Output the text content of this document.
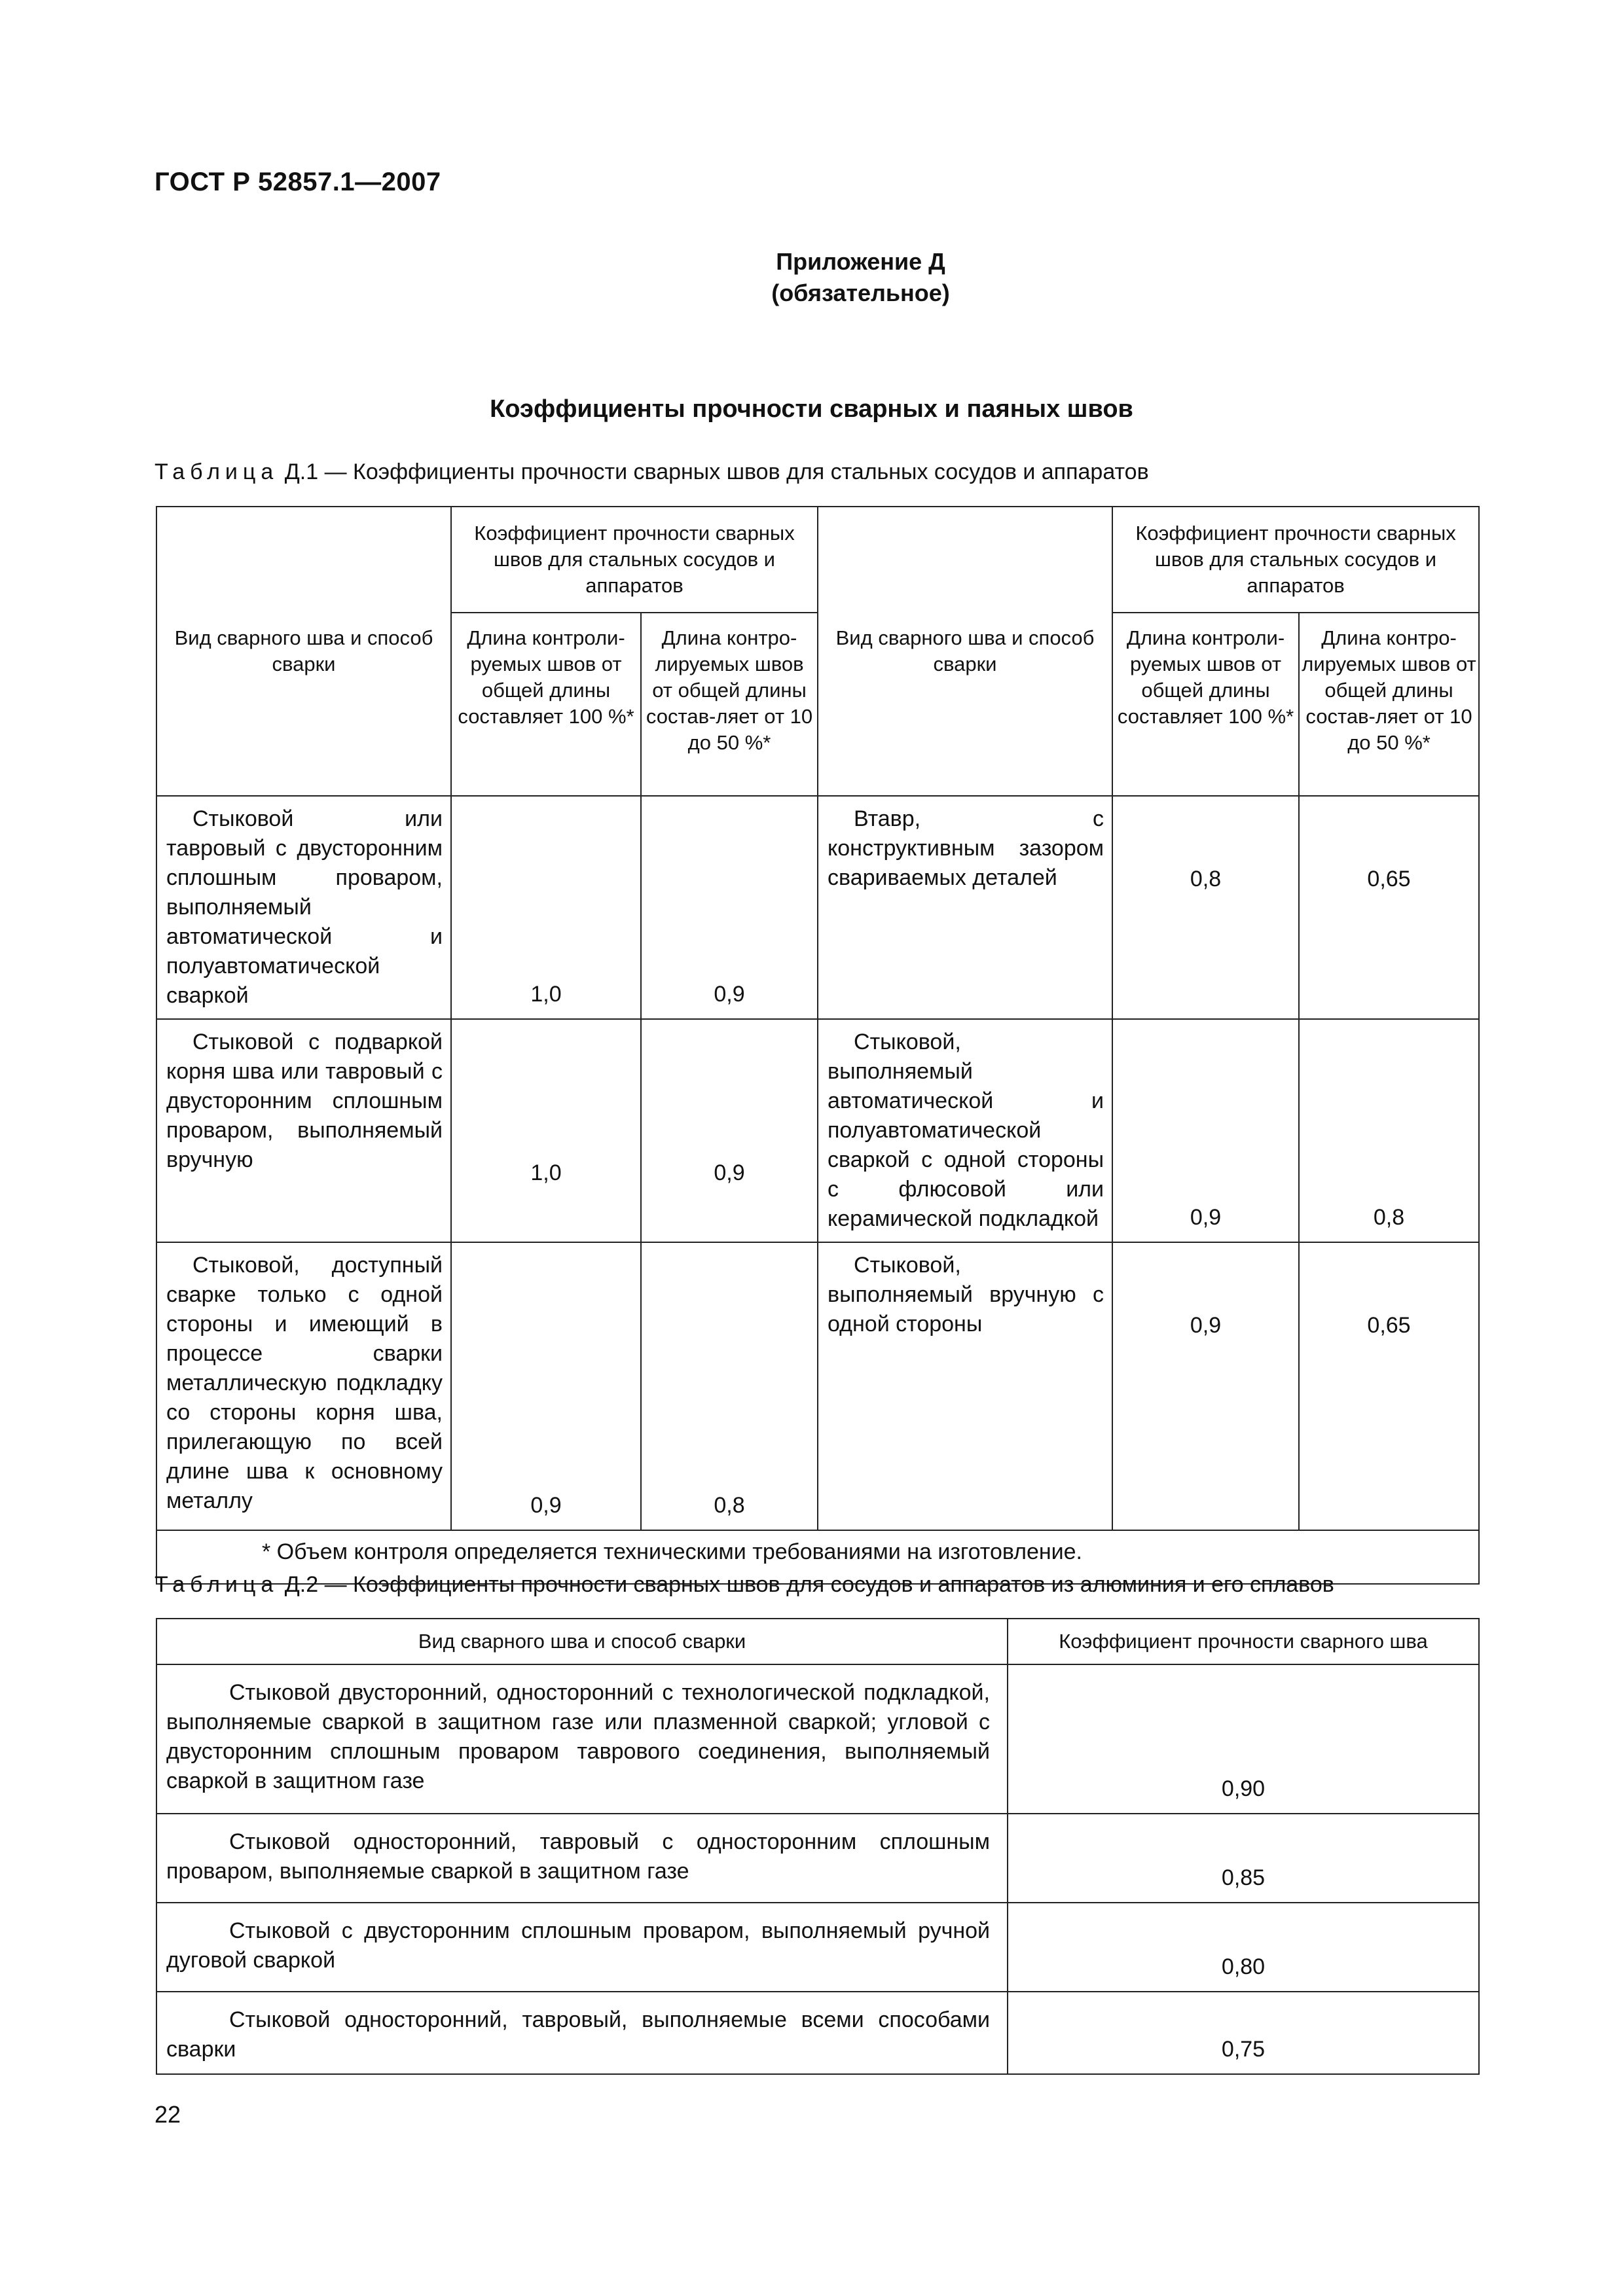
ГОСТ Р 52857.1—2007
Приложение Д
(обязательное)
Коэффициенты прочности сварных и паяных швов
Таблица Д.1 — Коэффициенты прочности сварных швов для стальных сосудов и аппаратов
Вид сварного шва и способ сварки	Коэффициент прочности сварных швов для стальных сосудов и аппаратов		Вид сварного шва и способ сварки	Коэффициент прочности сварных швов для стальных сосудов и аппаратов	
	Длина контроли-руемых швов от общей длины составляет 100 %*	Длина контро-лируемых швов от общей длины состав-ляет от 10 до 50 %*		Длина контроли-руемых швов от общей длины составляет 100 %*	Длина контро-лируемых швов от общей длины состав-ляет от 10 до 50 %*
Стыковой или тавровый с двусторонним сплошным проваром, выполняемый автоматической и полуавтоматической сваркой	1,0	0,9	Втавр, с конструктивным зазором свариваемых деталей	0,8	0,65
Стыковой с подваркой корня шва или тавровый с двусторонним сплошным проваром, выполняемый вручную	1,0	0,9	Стыковой, выполняемый автоматической и полуавтоматической сваркой с одной стороны с флюсовой или керамической подкладкой	0,9	0,8
Стыковой, доступный сварке только с одной стороны и имеющий в процессе сварки металлическую подкладку со стороны корня шва, прилегающую по всей длине шва к основному металлу	0,9	0,8	Стыковой, выполняемый вручную с одной стороны	0,9	0,65
* Объем контроля определяется техническими требованиями на изготовление.					
Таблица Д.2 — Коэффициенты прочности сварных швов для сосудов и аппаратов из алюминия и его сплавов
Вид сварного шва и способ сварки	Коэффициент прочности сварного шва
Стыковой двусторонний, односторонний с технологической подкладкой, выполняемые сваркой в защитном газе или плазменной сваркой; угловой с двусторонним сплошным проваром таврового соединения, выполняемый сваркой в защитном газе	0,90
Стыковой односторонний, тавровый с односторонним сплошным проваром, выполняемые сваркой в защитном газе	0,85
Стыковой с двусторонним сплошным проваром, выполняемый ручной дуговой сваркой	0,80
Стыковой односторонний, тавровый, выполняемые всеми способами сварки	0,75
22
